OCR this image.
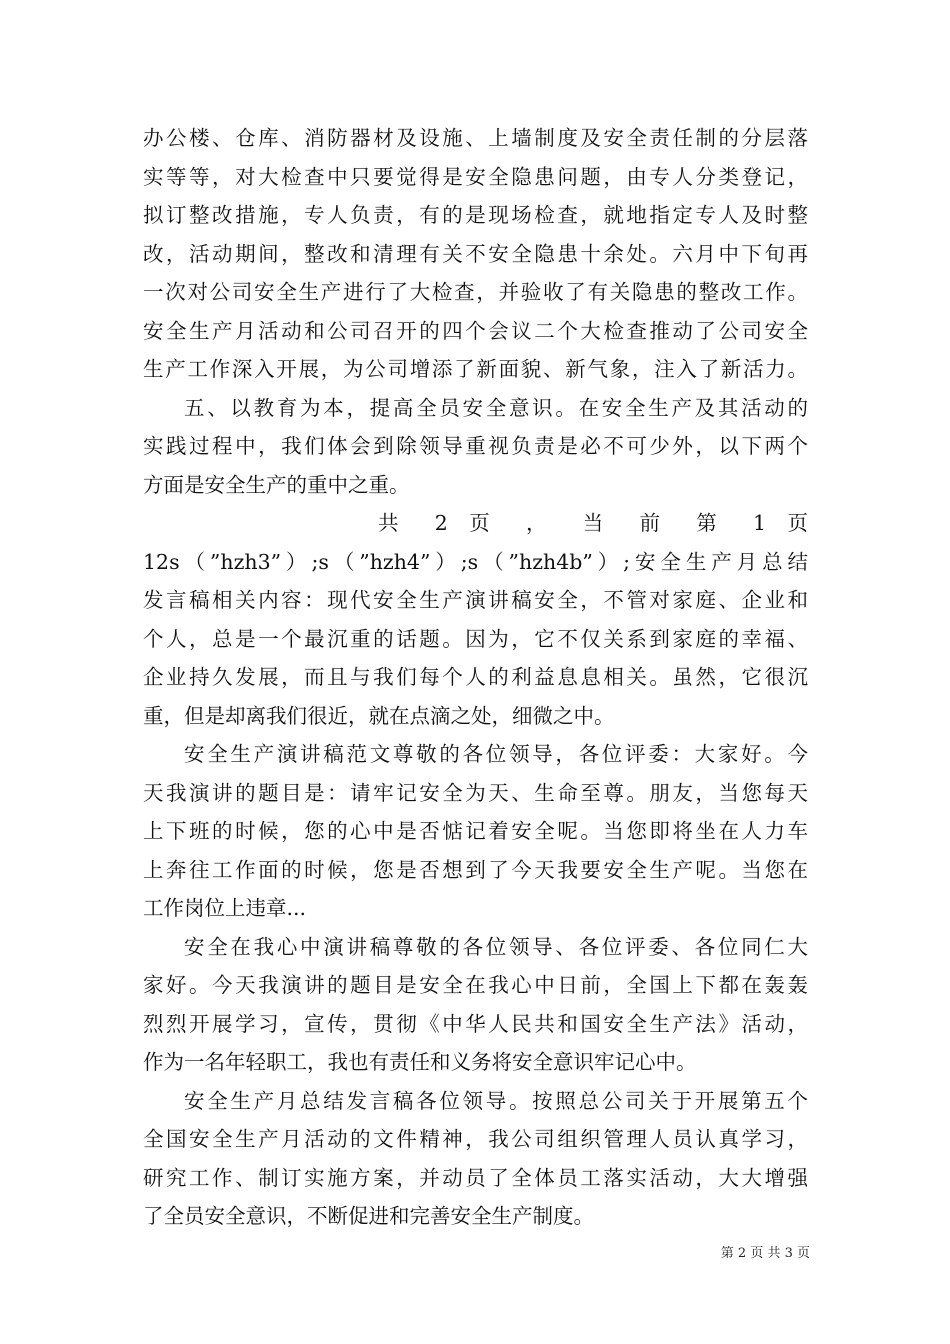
办公楼、仓库、消防器材及设施、上墙制度及安全责任制的分层落
实等等，对大检查中只要觉得是安全隐患问题，由专人分类登记，
拟订整改措施，专人负责，有的是现场检查，就地指定专人及时整
改，活动期间，整改和清理有关不安全隐患十余处。六月中下旬再
一次对公司安全生产进行了大检查，并验收了有关隐患的整改工作。
安全生产月活动和公司召开的四个会议二个大检查推动了公司安全
生产工作深入开展，为公司增添了新面貌、新气象，注入了新活力。
五、以教育为本，提高全员安全意识。在安全生产及其活动的
实践过程中，我们体会到除领导重视负责是必不可少外，以下两个
方面是安全生产的重中之重。
共 2 页 ， 当 前 第 1 页
12s（”hzh3”）;s（”hzh4”）;s（”hzh4b”）;安全生产月总结
发言稿相关内容：现代安全生产演讲稿安全，不管对家庭、企业和
个人，总是一个最沉重的话题。因为，它不仅关系到家庭的幸福、
企业持久发展，而且与我们每个人的利益息息相关。虽然，它很沉
重，但是却离我们很近，就在点滴之处，细微之中。
安全生产演讲稿范文尊敬的各位领导，各位评委：大家好。今
天我演讲的题目是：请牢记安全为天、生命至尊。朋友，当您每天
上下班的时候，您的心中是否惦记着安全呢。当您即将坐在人力车
上奔往工作面的时候，您是否想到了今天我要安全生产呢。当您在
工作岗位上违章...
安全在我心中演讲稿尊敬的各位领导、各位评委、各位同仁大
家好。今天我演讲的题目是安全在我心中日前，全国上下都在轰轰
烈烈开展学习，宣传，贯彻《中华人民共和国安全生产法》活动，
作为一名年轻职工，我也有责任和义务将安全意识牢记心中。
安全生产月总结发言稿各位领导。按照总公司关于开展第五个
全国安全生产月活动的文件精神，我公司组织管理人员认真学习，
研究工作、制订实施方案，并动员了全体员工落实活动，大大增强
了全员安全意识，不断促进和完善安全生产制度。
第 2 页 共 3 页
